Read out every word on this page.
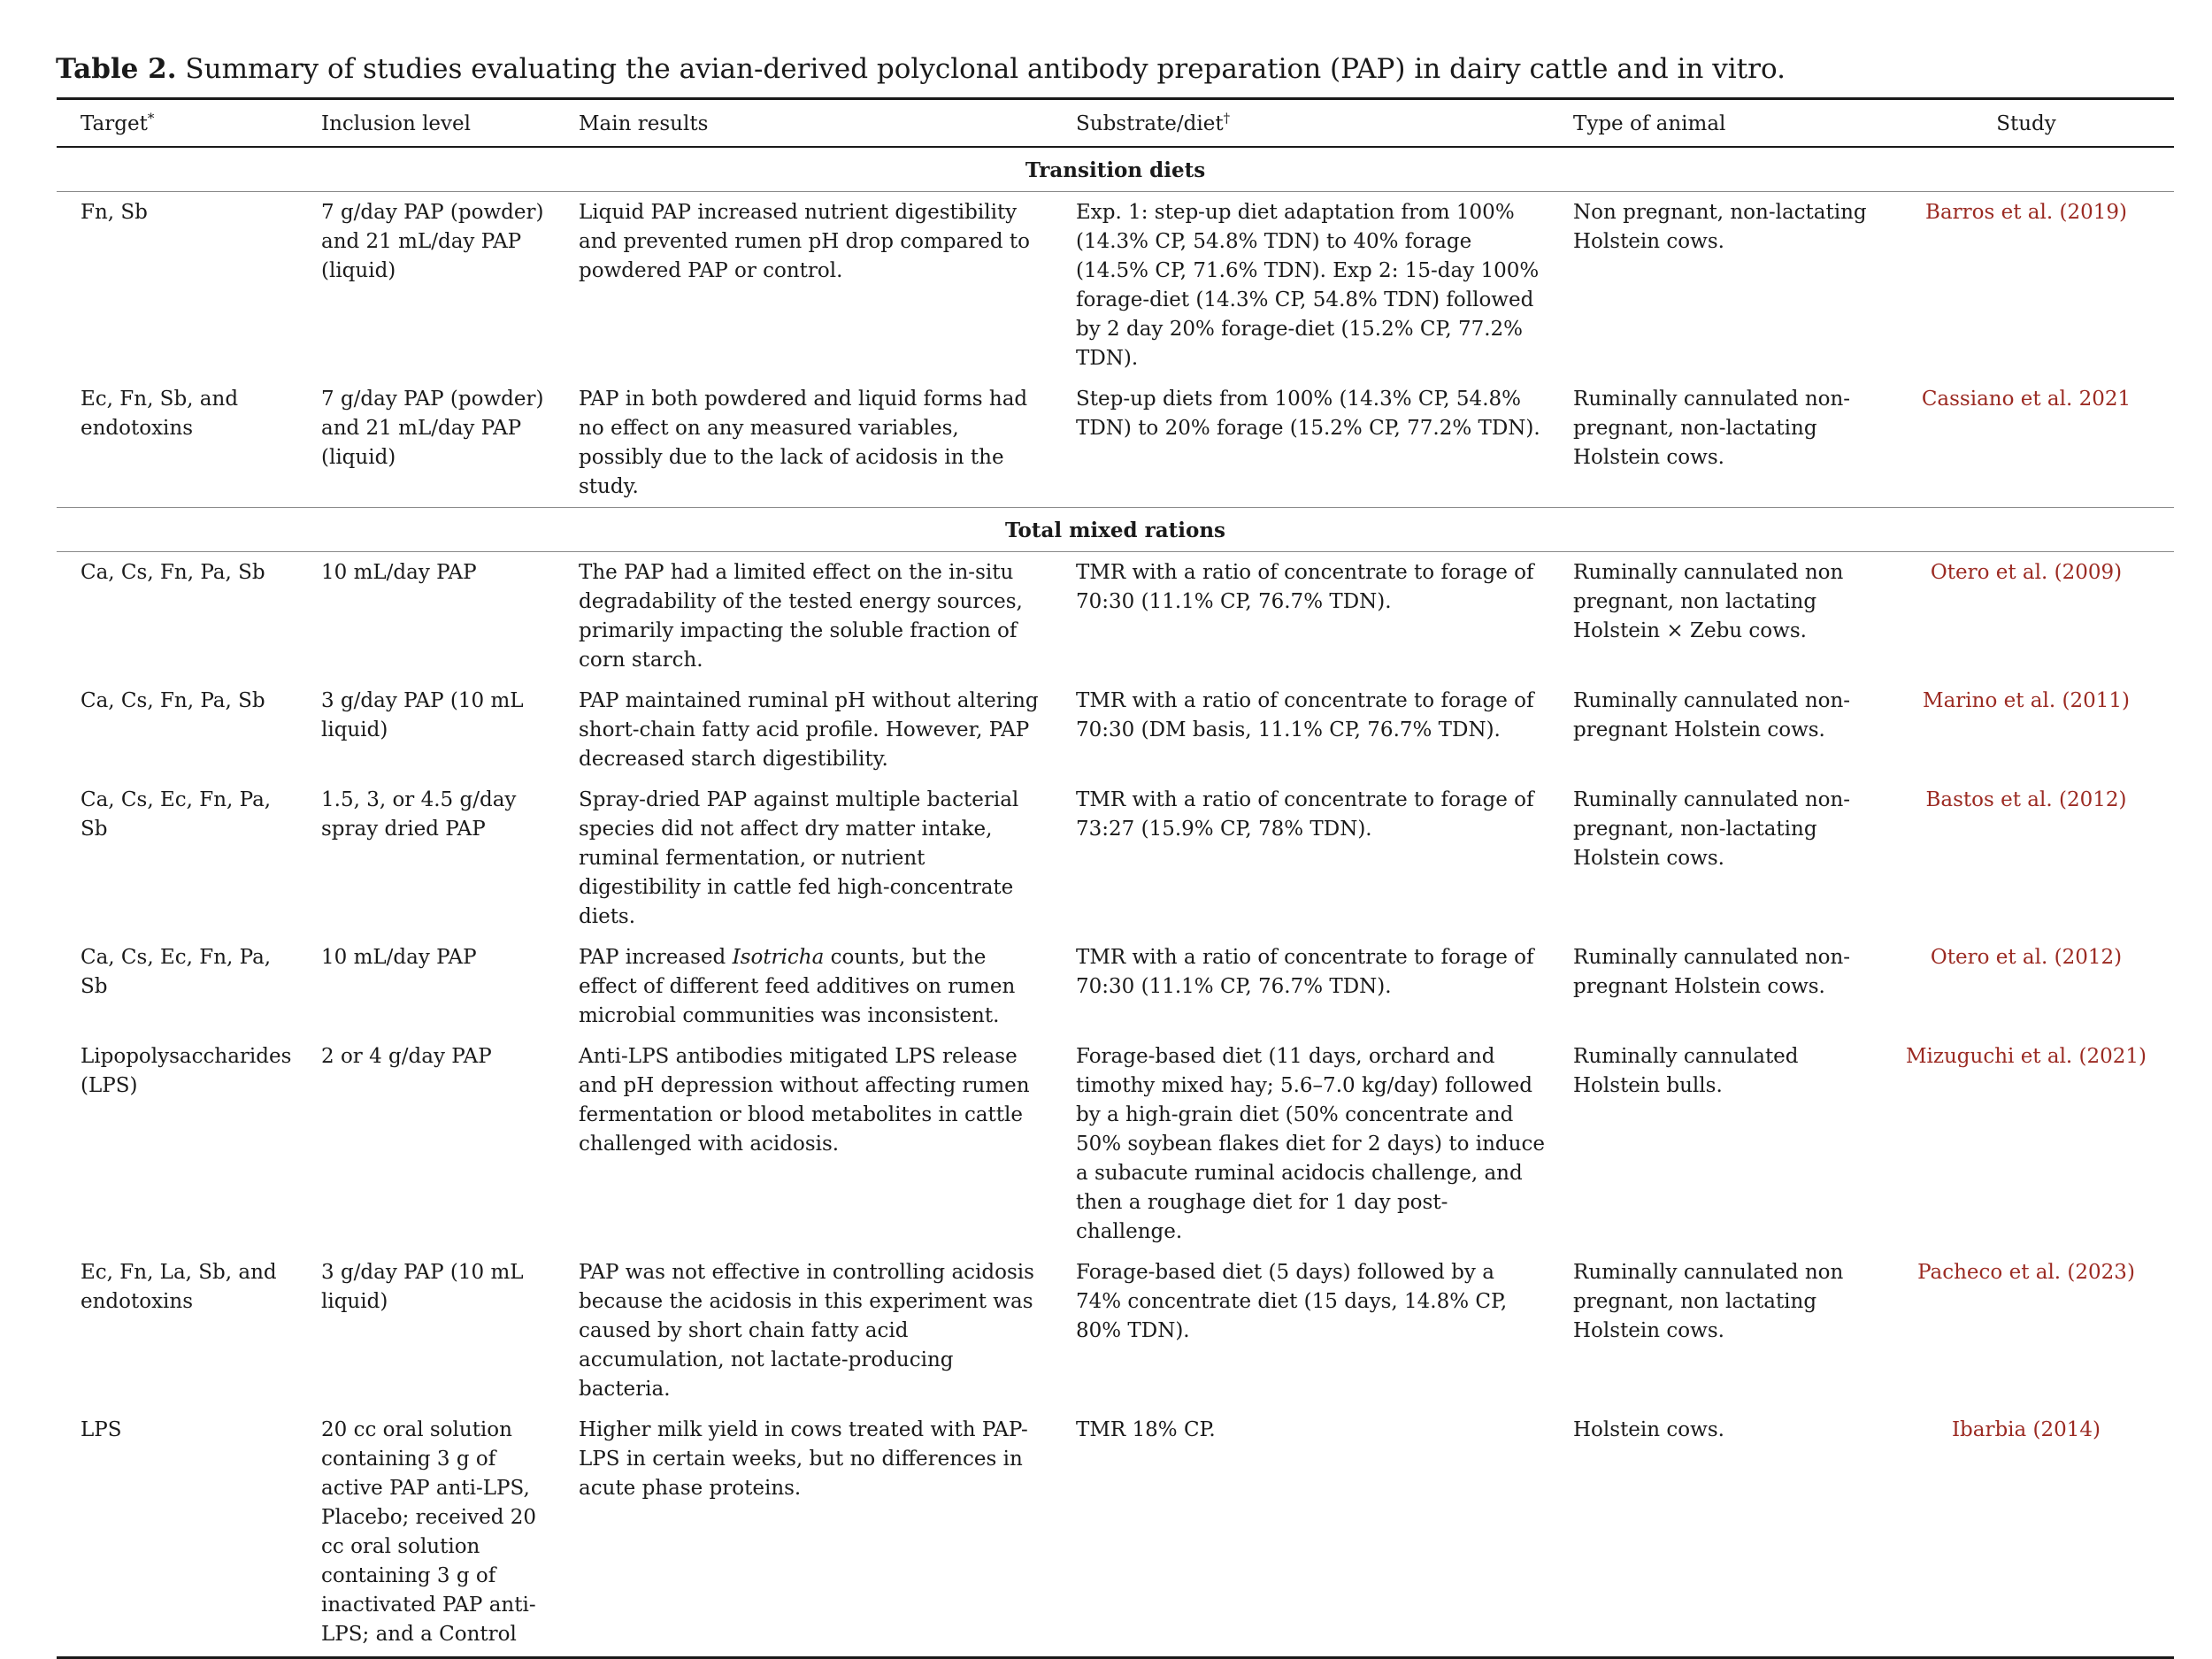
Table 2. Summary of studies evaluating the avian-derived polyclonal antibody preparation (PAP) in dairy cattle and in vitro.
Target*	Inclusion level	Main results	Substrate/diet†	Type of animal	Study
Transition diets					
Fn, Sb	7 g/day PAP (powder) and 21 mL/day PAP (liquid)	Liquid PAP increased nutrient digestibility and prevented rumen pH drop compared to powdered PAP or control.	Exp. 1: step-up diet adaptation from 100% (14.3% CP, 54.8% TDN) to 40% forage (14.5% CP, 71.6% TDN). Exp 2: 15-day 100% forage-diet (14.3% CP, 54.8% TDN) followed by 2 day 20% forage-diet (15.2% CP, 77.2% TDN).	Non pregnant, non-lactating Holstein cows.	Barros et al. (2019)
Ec, Fn, Sb, and endotoxins	7 g/day PAP (powder) and 21 mL/day PAP (liquid)	PAP in both powdered and liquid forms had no effect on any measured variables, possibly due to the lack of acidosis in the study.	Step-up diets from 100% (14.3% CP, 54.8% TDN) to 20% forage (15.2% CP, 77.2% TDN).	Ruminally cannulated non-pregnant, non-lactating Holstein cows.	Cassiano et al. 2021
Total mixed rations					
Ca, Cs, Fn, Pa, Sb	10 mL/day PAP	The PAP had a limited effect on the in-situ degradability of the tested energy sources, primarily impacting the soluble fraction of corn starch.	TMR with a ratio of concentrate to forage of 70:30 (11.1% CP, 76.7% TDN).	Ruminally cannulated non pregnant, non lactating Holstein × Zebu cows.	Otero et al. (2009)
Ca, Cs, Fn, Pa, Sb	3 g/day PAP (10 mL liquid)	PAP maintained ruminal pH without altering short-chain fatty acid profile. However, PAP decreased starch digestibility.	TMR with a ratio of concentrate to forage of 70:30 (DM basis, 11.1% CP, 76.7% TDN).	Ruminally cannulated non-pregnant Holstein cows.	Marino et al. (2011)
Ca, Cs, Ec, Fn, Pa, Sb	1.5, 3, or 4.5 g/day spray dried PAP	Spray-dried PAP against multiple bacterial species did not affect dry matter intake, ruminal fermentation, or nutrient digestibility in cattle fed high-concentrate diets.	TMR with a ratio of concentrate to forage of 73:27 (15.9% CP, 78% TDN).	Ruminally cannulated non-pregnant, non-lactating Holstein cows.	Bastos et al. (2012)
Ca, Cs, Ec, Fn, Pa, Sb	10 mL/day PAP	PAP increased Isotricha counts, but the effect of different feed additives on rumen microbial communities was inconsistent.	TMR with a ratio of concentrate to forage of 70:30 (11.1% CP, 76.7% TDN).	Ruminally cannulated non-pregnant Holstein cows.	Otero et al. (2012)
Lipopolysaccharides (LPS)	2 or 4 g/day PAP	Anti-LPS antibodies mitigated LPS release and pH depression without affecting rumen fermentation or blood metabolites in cattle challenged with acidosis.	Forage-based diet (11 days, orchard and timothy mixed hay; 5.6–7.0 kg/day) followed by a high-grain diet (50% concentrate and 50% soybean flakes diet for 2 days) to induce a subacute ruminal acidocis challenge, and then a roughage diet for 1 day post-challenge.	Ruminally cannulated Holstein bulls.	Mizuguchi et al. (2021)
Ec, Fn, La, Sb, and endotoxins	3 g/day PAP (10 mL liquid)	PAP was not effective in controlling acidosis because the acidosis in this experiment was caused by short chain fatty acid accumulation, not lactate-producing bacteria.	Forage-based diet (5 days) followed by a 74% concentrate diet (15 days, 14.8% CP, 80% TDN).	Ruminally cannulated non pregnant, non lactating Holstein cows.	Pacheco et al. (2023)
LPS	20 cc oral solution containing 3 g of active PAP anti-LPS, Placebo; received 20 cc oral solution containing 3 g of inactivated PAP anti-LPS; and a Control	Higher milk yield in cows treated with PAP-LPS in certain weeks, but no differences in acute phase proteins.	TMR 18% CP.	Holstein cows.	Ibarbia (2014)
